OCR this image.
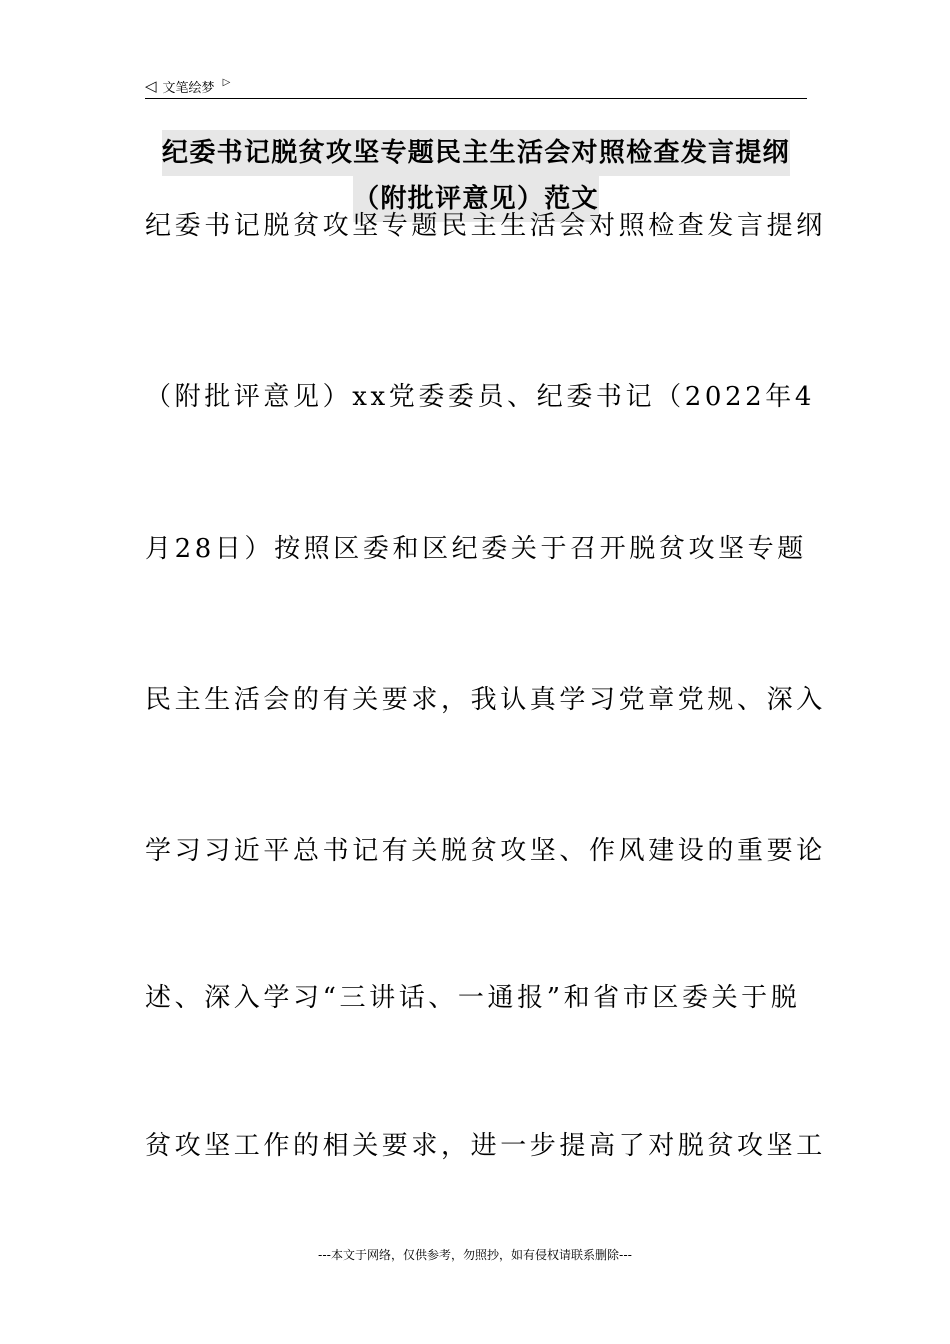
◁ 文笔绘梦 ▷
纪委书记脱贫攻坚专题民主生活会对照检查发言提纲
（附批评意见）范文
纪委书记脱贫攻坚专题民主生活会对照检查发言提纲
（附批评意见）xx党委委员、纪委书记（2022年4
月28日）按照区委和区纪委关于召开脱贫攻坚专题
民主生活会的有关要求，我认真学习党章党规、深入
学习习近平总书记有关脱贫攻坚、作风建设的重要论
述、深入学习“三讲话、一通报”和省市区委关于脱
贫攻坚工作的相关要求，进一步提高了对脱贫攻坚工
---本文于网络，仅供参考，勿照抄，如有侵权请联系删除---
